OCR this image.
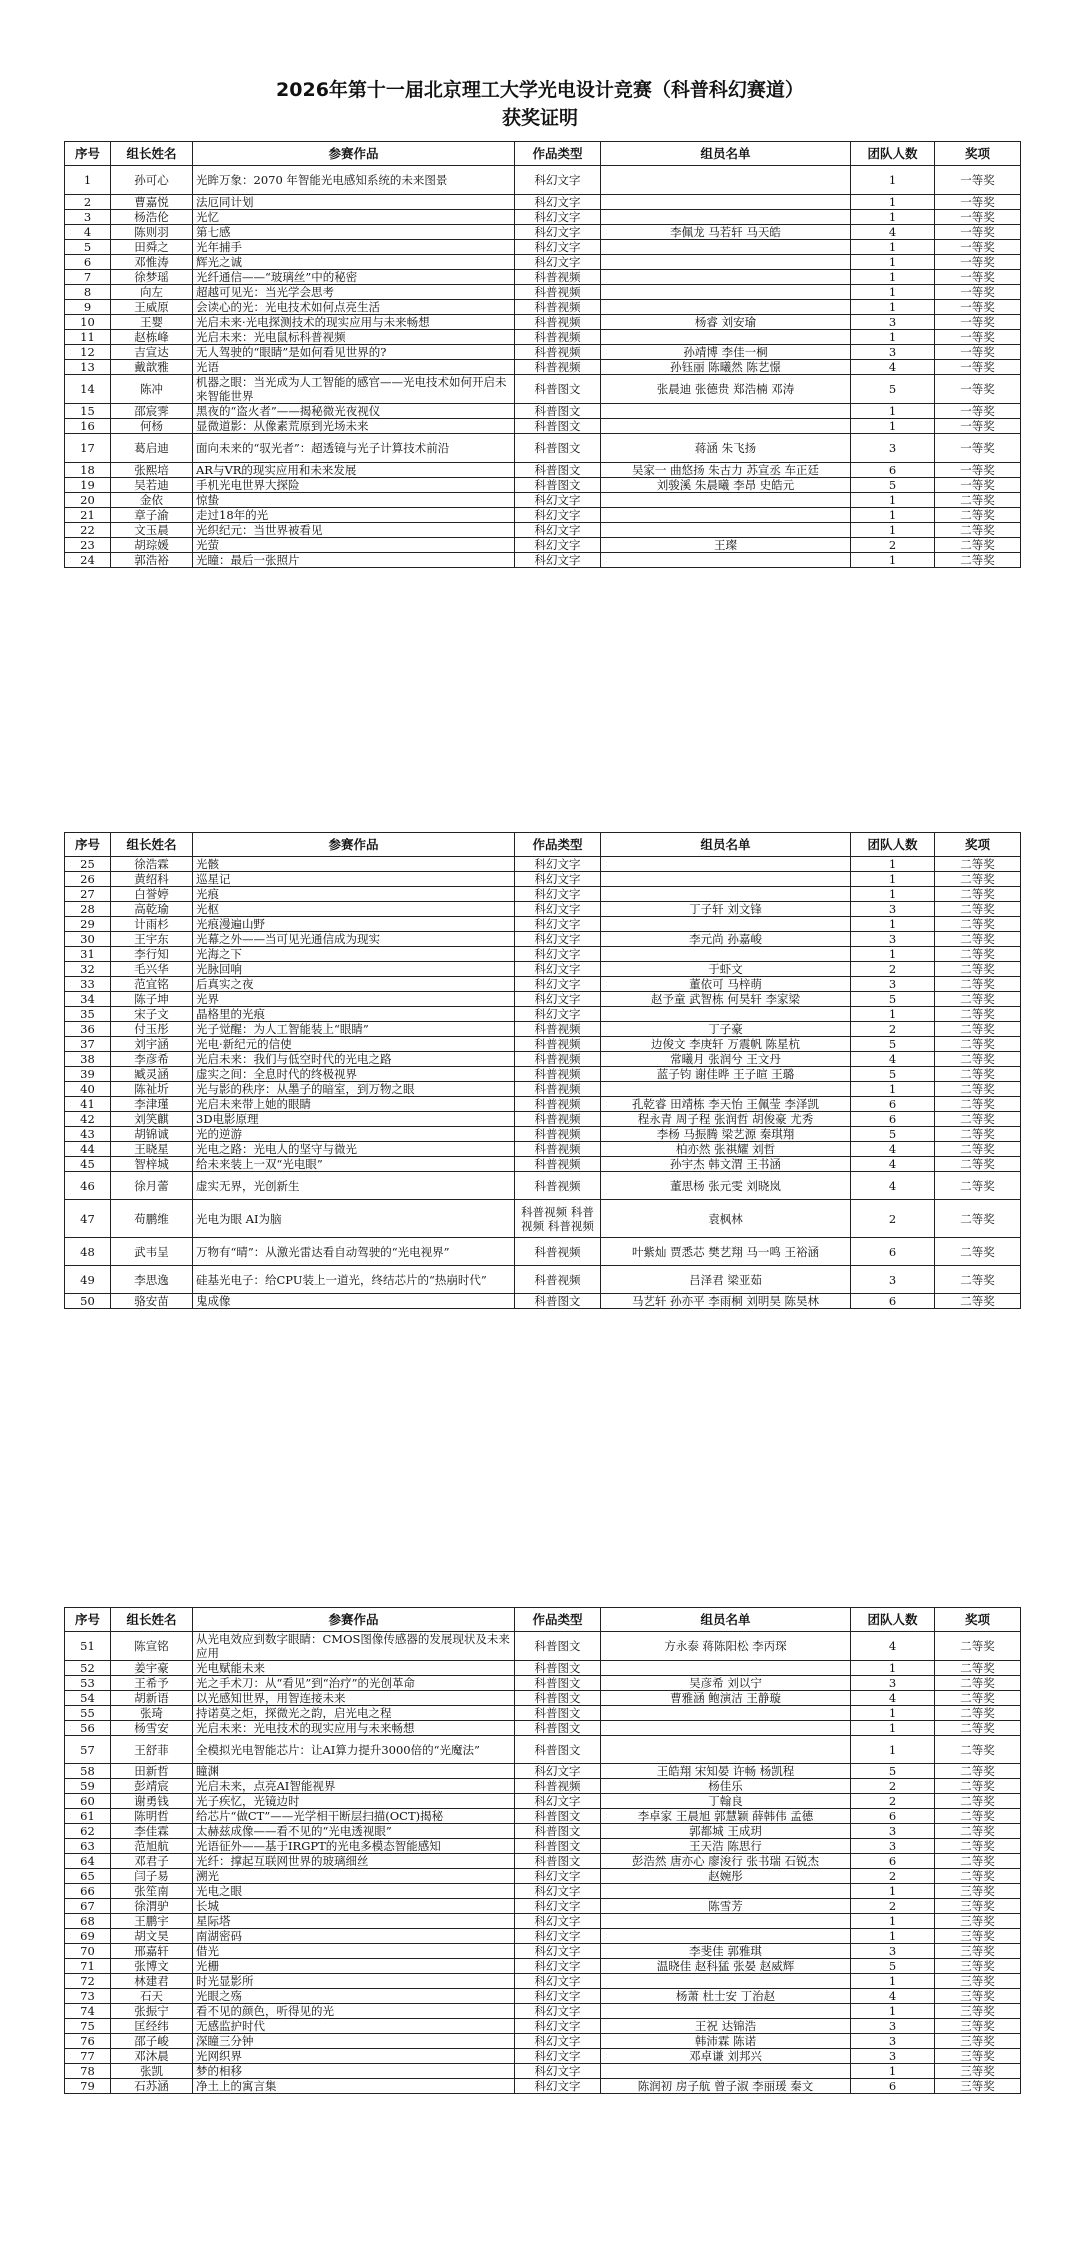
2026年第十一届北京理工大学光电设计竞赛（科普科幻赛道）
获奖证明
序号	组长姓名	参赛作品	作品类型	组员名单	团队人数	奖项
1	孙可心	光眸万象：2070 年智能光电感知系统的未来图景	科幻文字		1	一等奖
2	曹嘉悦	法厄同计划	科幻文字		1	一等奖
3	杨浩伦	光忆	科幻文字		1	一等奖
4	陈则羽	第七感	科幻文字	李佩龙 马若轩 马天皓	4	一等奖
5	田舜之	光年捕手	科幻文字		1	一等奖
6	邓惟涛	辉光之诚	科幻文字		1	一等奖
7	徐梦瑶	光纤通信——“玻璃丝”中的秘密	科普视频		1	一等奖
8	向左	超越可见光：当光学会思考	科普视频		1	一等奖
9	王威原	会读心的光：光电技术如何点亮生活	科普视频		1	一等奖
10	王婴	光启未来·光电探测技术的现实应用与未来畅想	科普视频	杨睿 刘安瑜	3	一等奖
11	赵栋峰	光启未来：光电鼠标科普视频	科普视频		1	一等奖
12	吉宣达	无人驾驶的“眼睛”是如何看见世界的?	科普视频	孙靖博 李佳一桐	3	一等奖
13	戴歆雅	光语	科普视频	孙钰丽 陈曦然 陈艺憬	4	一等奖
14	陈冲	机器之眼：当光成为人工智能的感官——光电技术如何开启未来智能世界	科普图文	张晨迪 张德贵 郑浩楠 邓涛	5	一等奖
15	邵宸霁	黑夜的“盗火者”——揭秘微光夜视仪	科普图文		1	一等奖
16	何杨	显微道影：从像素荒原到光场未来	科普图文		1	一等奖
17	葛启迪	面向未来的“驭光者”：超透镜与光子计算技术前沿	科普图文	蒋涵 朱飞扬	3	一等奖
18	张熙培	AR与VR的现实应用和未来发展	科普图文	吴家一 曲悠扬 朱古力 苏宣丞 车正廷	6	一等奖
19	吴若迪	手机光电世界大探险	科普图文	刘骏溪 朱晨曦 李昂 史皓元	5	一等奖
20	金依	惊蛰	科幻文字		1	二等奖
21	章子渝	走过18年的光	科幻文字		1	二等奖
22	文玉晨	光织纪元：当世界被看见	科幻文字		1	二等奖
23	胡琮媛	光萤	科幻文字	王璨	2	二等奖
24	郭浩裕	光瞳：最后一张照片	科幻文字		1	二等奖
序号	组长姓名	参赛作品	作品类型	组员名单	团队人数	奖项
25	徐浩霖	光骸	科幻文字		1	二等奖
26	黄绍科	巡星记	科幻文字		1	二等奖
27	白誉婷	光痕	科幻文字		1	二等奖
28	高乾瑜	光枢	科幻文字	丁子轩 刘文锋	3	二等奖
29	计雨杉	光痕漫遍山野	科幻文字		1	二等奖
30	王宇东	光幕之外——当可见光通信成为现实	科幻文字	李元尚 孙嘉峻	3	二等奖
31	李行知	光海之下	科幻文字		1	二等奖
32	毛兴华	光脉回响	科幻文字	于虾文	2	二等奖
33	范宜铭	后真实之夜	科幻文字	董依可 马梓萌	3	二等奖
34	陈子坤	光界	科幻文字	赵予童 武智栋 何昊轩 李家梁	5	二等奖
35	宋子文	晶格里的光痕	科幻文字		1	二等奖
36	付玉彤	光子觉醒：为人工智能装上“眼睛”	科普视频	丁子豪	2	二等奖
37	刘宇涵	光电·新纪元的信使	科普视频	边俊文 李庚轩 万震帆 陈星杭	5	二等奖
38	李彦希	光启未来：我们与低空时代的光电之路	科普视频	常曦月 张润兮 王文丹	4	二等奖
39	臧灵涵	虚实之间：全息时代的终极视界	科普视频	蓝子钧 谢佳晔 王子暄 王璐	5	二等奖
40	陈祉圻	光与影的秩序：从墨子的暗室，到万物之眼	科普视频		1	二等奖
41	李津瑾	光启未来带上她的眼睛	科普视频	孔乾睿 田靖栋 李天怡 王佩莹 李泽凯	6	二等奖
42	刘笑麒	3D电影原理	科普视频	程永青 周子程 张润哲 胡俊豪 尤秀	6	二等奖
43	胡锦诚	光的逆游	科普视频	李杨 马振腾 梁艺源 秦琪翔	5	二等奖
44	王晓星	光电之路：光电人的坚守与微光	科普视频	柏亦然 张祺耀 刘哲	4	二等奖
45	智梓城	给未来装上一双“光电眼”	科普视频	孙宇杰 韩文渭 王书涵	4	二等奖
46	徐月蕾	虚实无界，光创新生	科普视频	董思杨 张元雯 刘晓岚	4	二等奖
47	苟鹏维	光电为眼 AI为脑	科普视频 科普视频 科普视频	袁枫林	2	二等奖
48	武韦呈	万物有“晴”：从激光雷达看自动驾驶的“光电视界”	科普视频	叶紫灿 贾悉芯 樊艺翔 马一鸣 王裕涵	6	二等奖
49	李思逸	硅基光电子：给CPU装上一道光，终结芯片的“热崩时代”	科普视频	吕泽君 梁亚茹	3	二等奖
50	骆安苗	鬼成像	科普图文	马艺轩 孙亦平 李雨桐 刘明昊 陈昊林	6	二等奖
序号	组长姓名	参赛作品	作品类型	组员名单	团队人数	奖项
51	陈宣铭	从光电效应到数字眼睛：CMOS图像传感器的发展现状及未来应用	科普图文	方永泰 蒋陈阳松 李丙琛	4	二等奖
52	姜宇豪	光电赋能未来	科普图文		1	二等奖
53	王希予	光之手术刀：从“看见”到“治疗”的光创革命	科普图文	吴彦希 刘以宁	3	二等奖
54	胡新语	以光感知世界，用智连接未来	科普图文	曹雅涵 鲍演洁 王静璇	4	二等奖
55	张琦	持诺莫之炬，探微光之韵，启光电之程	科普图文		1	二等奖
56	杨雪安	光启未来：光电技术的现实应用与未来畅想	科普图文		1	二等奖
57	王舒菲	全模拟光电智能芯片：让AI算力提升3000倍的“光魔法”	科普图文		1	二等奖
58	田新哲	瞳渊	科幻文字	王皓翔 宋知晏 许畅 杨凯程	5	二等奖
59	彭靖宸	光启未来，点亮AI智能视界	科普视频	杨佳乐	2	二等奖
60	谢勇钱	光子疾忆，光镜边时	科幻文字	丁翰良	2	二等奖
61	陈明哲	给芯片“做CT”——光学相干断层扫描(OCT)揭秘	科普图文	李卓家 王晨旭 郭慧颖 薛韩伟 孟德	6	二等奖
62	李佳霖	太赫兹成像——看不见的“光电透视眼”	科普图文	郭都城 王成玥	3	二等奖
63	范旭航	光语征外——基于IRGPT的光电多模态智能感知	科普图文	王天浩 陈思行	3	二等奖
64	邓君子	光纤：撑起互联网世界的玻璃细丝	科普图文	彭浩然 唐亦心 廖浚行 张书瑞 石锐杰	6	二等奖
65	闫子易	溯光	科幻文字	赵婉彤	2	二等奖
66	张笙南	光电之眼	科幻文字		1	三等奖
67	徐渭驴	长城	科幻文字	陈雪芳	2	三等奖
68	王鹏宇	星际塔	科幻文字		1	三等奖
69	胡文昊	南湖密码	科幻文字		1	三等奖
70	邢嘉轩	借光	科幻文字	李斐佳 郭雅琪	3	三等奖
71	张博文	光栅	科幻文字	温晓佳 赵科猛 张晏 赵威辉	5	三等奖
72	林建君	时光显影所	科幻文字		1	三等奖
73	石天	光眼之殇	科幻文字	杨萧 杜士安 丁治赵	4	三等奖
74	张振宁	看不见的颜色，听得见的光	科幻文字		1	三等奖
75	匡经纬	无感监护时代	科幻文字	王祝 达锦浩	3	三等奖
76	邵子峻	深瞳三分钟	科幻文字	韩沛霖 陈诺	3	三等奖
77	邓沐晨	光网织界	科幻文字	邓卓谦 刘邦兴	3	三等奖
78	张凯	梦的相移	科幻文字		1	三等奖
79	石苏涵	净土上的寓言集	科幻文字	陈润初 房子航 曾子淑 李丽瑗 秦文	6	三等奖
